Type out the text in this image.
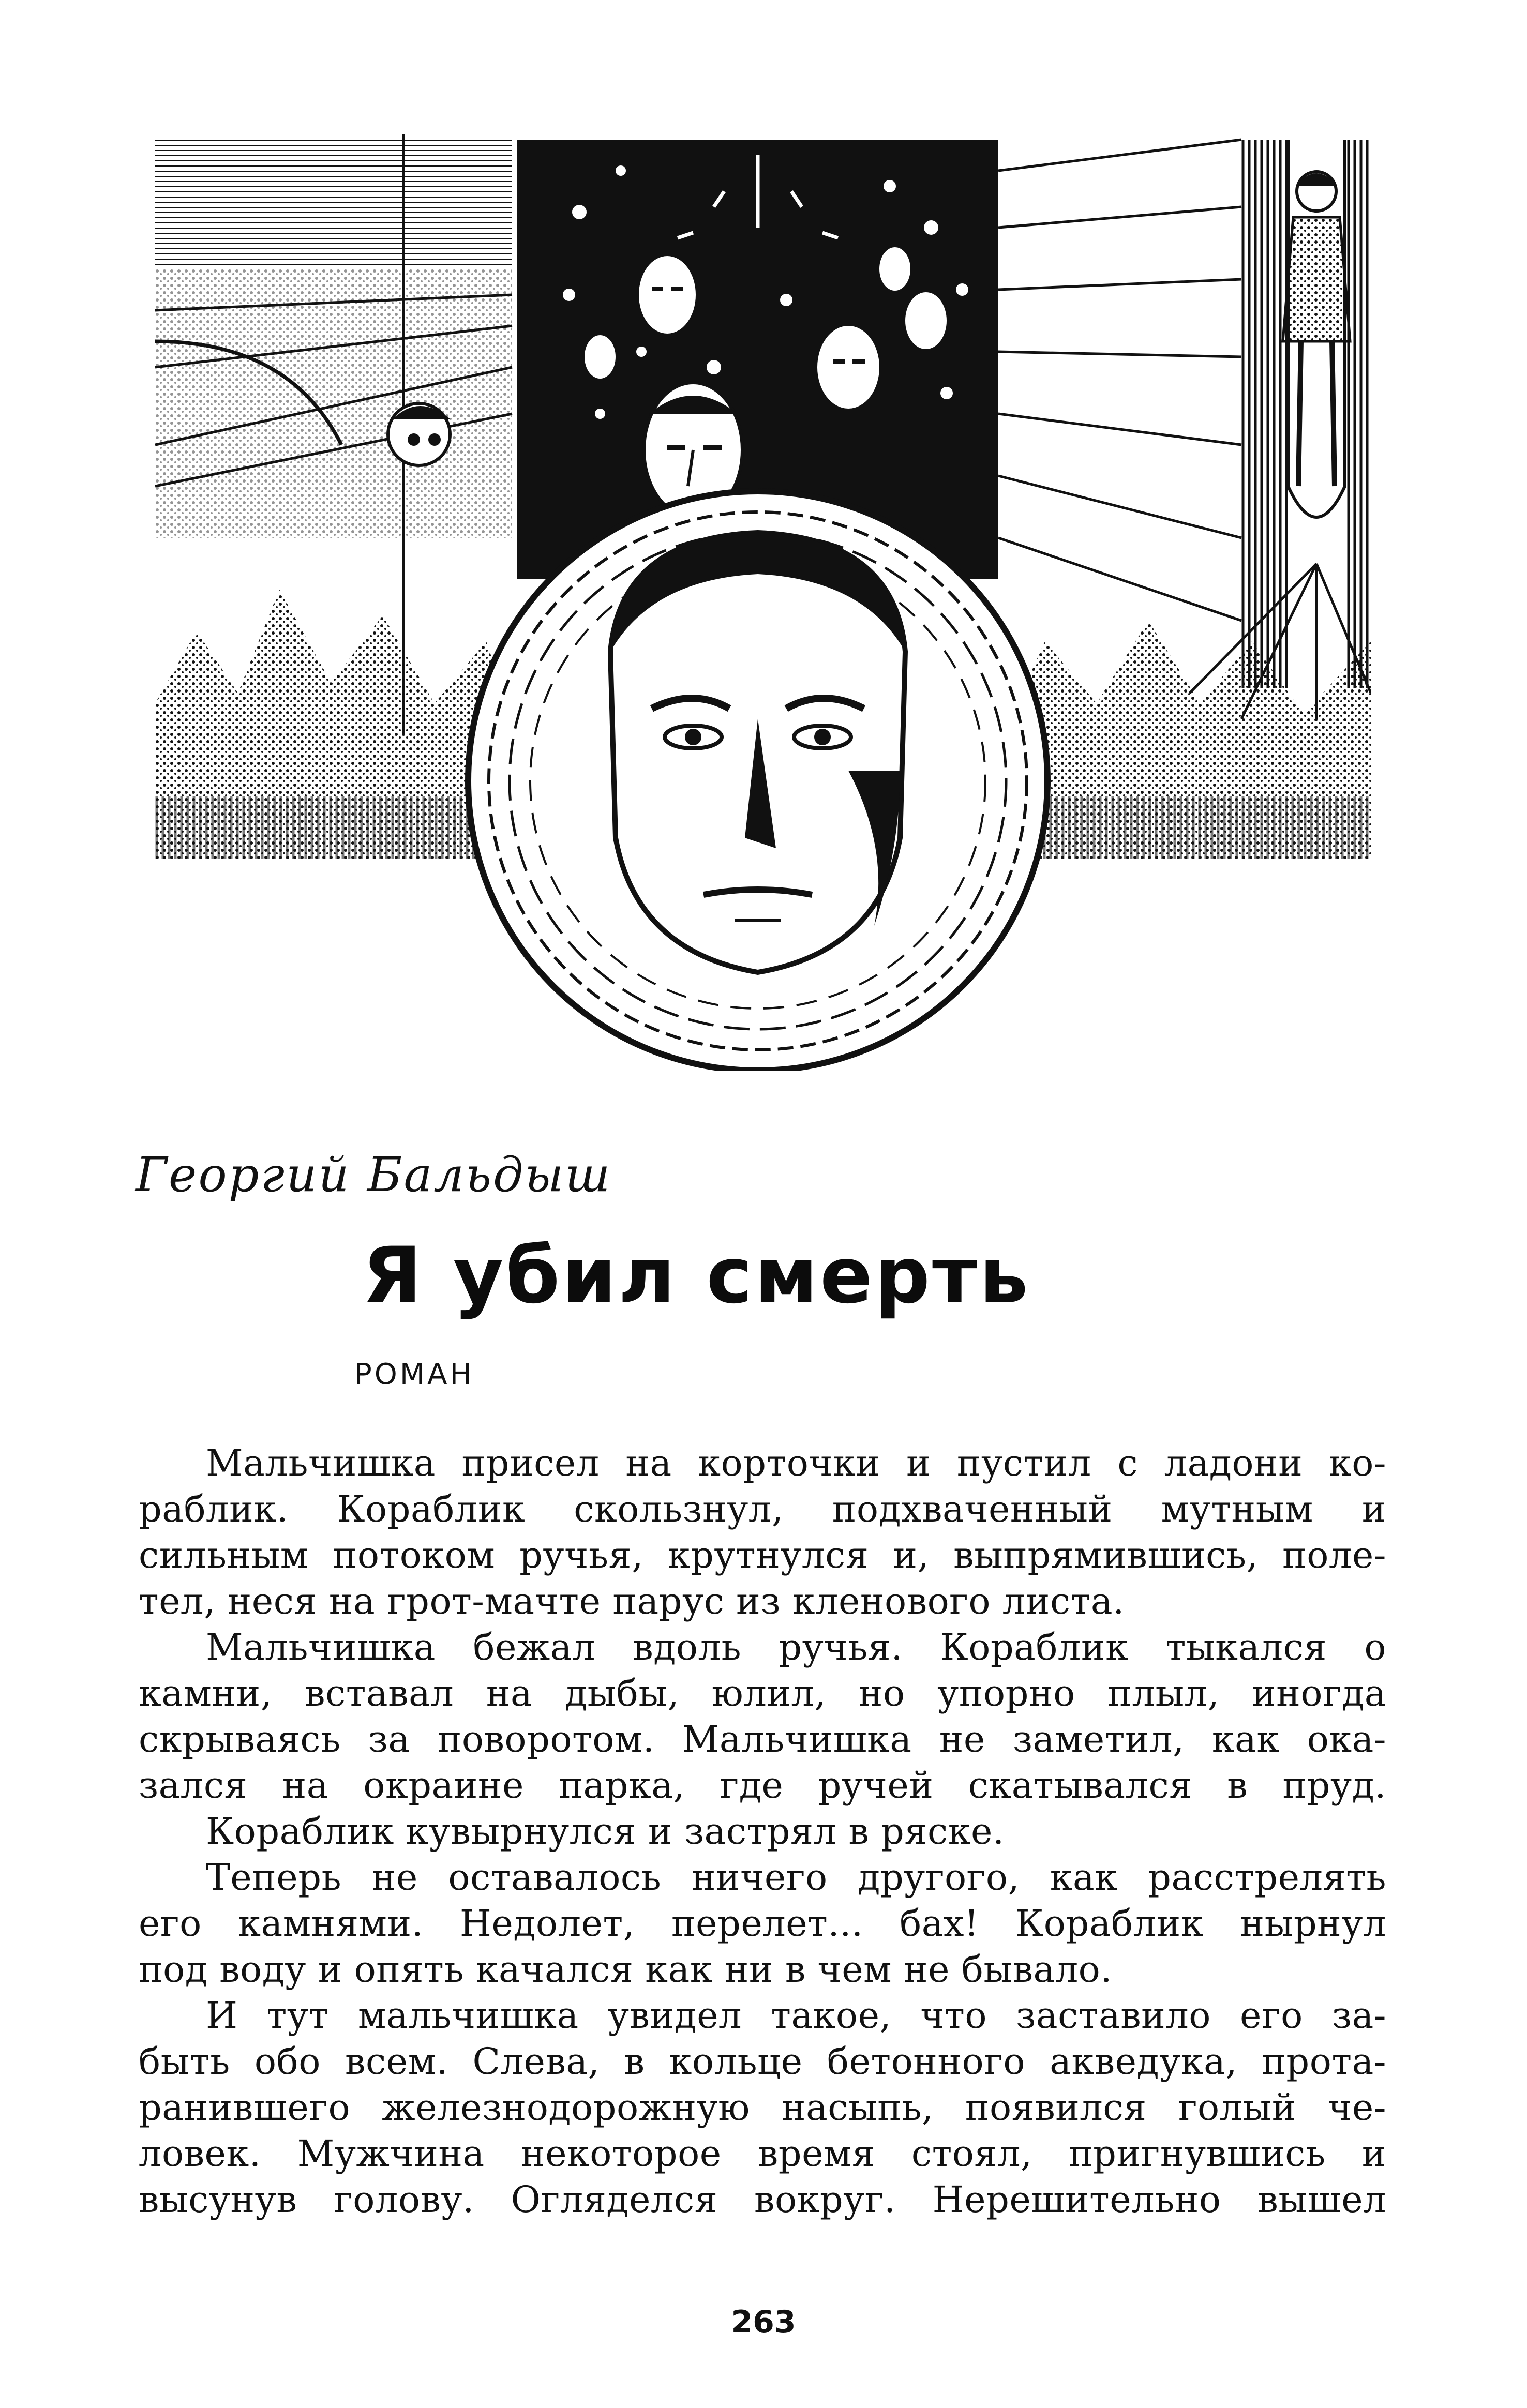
Георгий Бальдыш
Я убил смерть
РОМАН
Мальчишка присел на корточки и пустил с ладони ко-
раблик. Кораблик скользнул, подхваченный мутным и
сильным потоком ручья, крутнулся и, выпрямившись, поле-
тел, неся на грот-мачте парус из кленового листа.
Мальчишка бежал вдоль ручья. Кораблик тыкался о
камни, вставал на дыбы, юлил, но упорно плыл, иногда
скрываясь за поворотом. Мальчишка не заметил, как ока-
зался на окраине парка, где ручей скатывался в пруд.
Кораблик кувырнулся и застрял в ряске.
Теперь не оставалось ничего другого, как расстрелять
его камнями. Недолет, перелет... бах! Кораблик нырнул
под воду и опять качался как ни в чем не бывало.
И тут мальчишка увидел такое, что заставило его за-
быть обо всем. Слева, в кольце бетонного акведука, прота-
ранившего железнодорожную насыпь, появился голый че-
ловек. Мужчина некоторое время стоял, пригнувшись и
высунув голову. Огляделся вокруг. Нерешительно вышел
263
